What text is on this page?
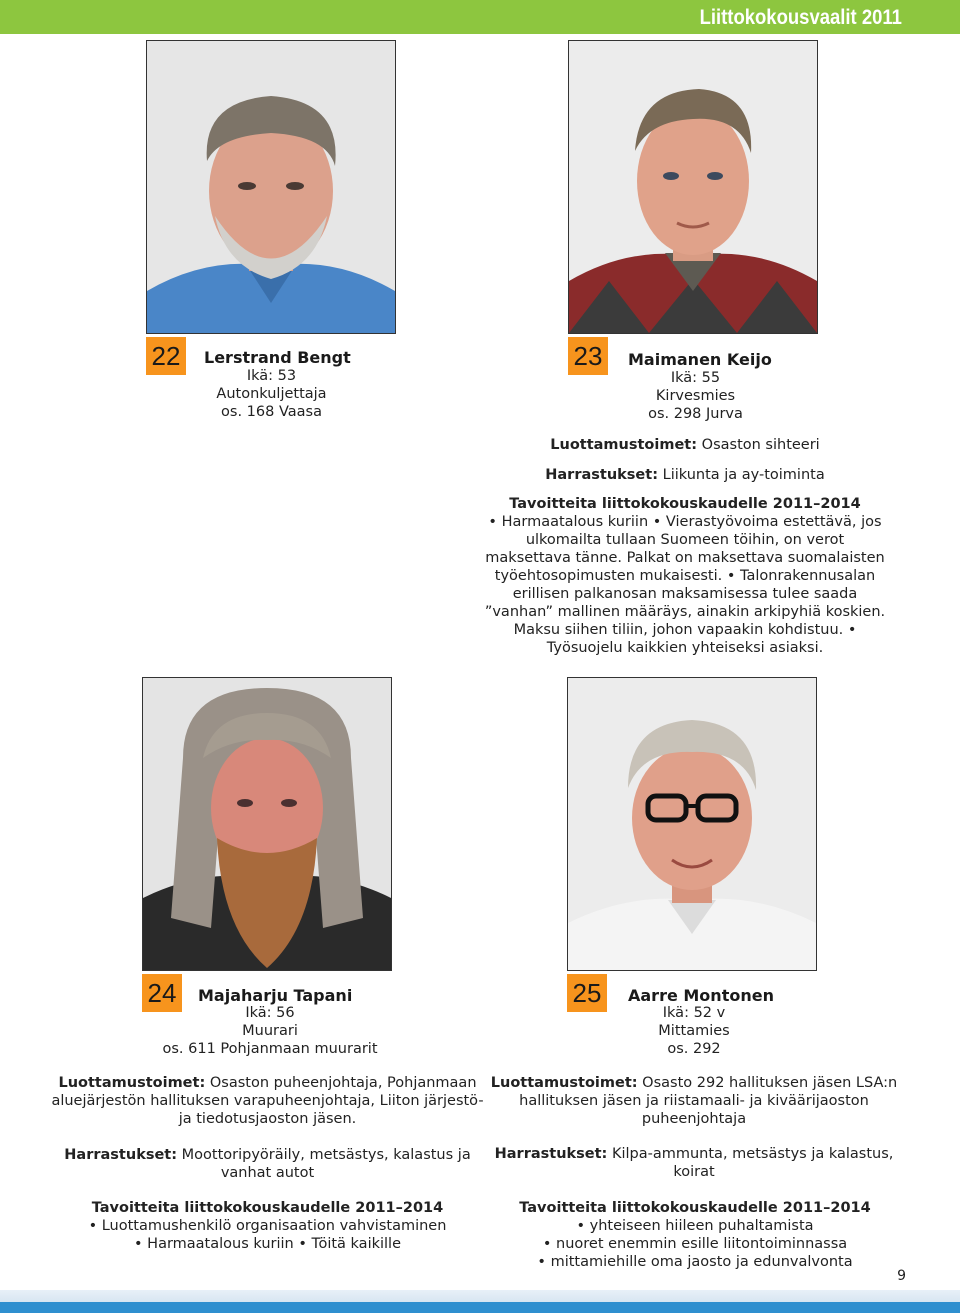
Liittokokousvaalit 2011
22	Lerstrand Bengt
Ikä: 53
Autonkuljettaja
os. 168 Vaasa
23	Maimanen Keijo
Ikä: 55
Kirvesmies
os. 298 Jurva
Luottamustoimet: Osaston sihteeri
Harrastukset: Liikunta ja ay-toiminta
Tavoitteita liittokokouskaudelle 2011–2014
• Harmaatalous kuriin • Vierastyövoima estettävä, jos ulkomailta tullaan Suomeen töihin, on verot maksettava tänne. Palkat on maksettava suomalaisten työehtosopimusten mukaisesti. • Talonrakennusalan erillisen palkanosan maksamisessa tulee saada ”vanhan” mallinen määräys, ainakin arkipyhiä koskien. Maksu siihen tiliin, johon vapaakin kohdistuu. • Työsuojelu kaikkien yhteiseksi asiaksi.
24	Majaharju Tapani
Ikä: 56
Muurari
os. 611 Pohjanmaan muurarit
Luottamustoimet: Osaston puheenjohtaja, Pohjanmaan aluejärjestön hallituksen varapuheenjohtaja, Liiton järjestö- ja tiedotusjaoston jäsen.
Harrastukset: Moottoripyöräily, metsästys, kalastus ja vanhat autot
Tavoitteita liittokokouskaudelle 2011–2014
• Luottamushenkilö organisaation vahvistaminen
• Harmaatalous kuriin • Töitä kaikille
25	Aarre Montonen
Ikä: 52 v
Mittamies
os. 292
Luottamustoimet: Osasto 292 hallituksen jäsen LSA:n hallituksen jäsen ja riistamaali- ja kiväärijaoston puheenjohtaja
Harrastukset: Kilpa-ammunta, metsästys ja kalastus, koirat
Tavoitteita liittokokouskaudelle 2011–2014
• yhteiseen hiileen puhaltamista
• nuoret enemmin esille liitontoiminnassa
• mittamiehille oma jaosto ja edunvalvonta
9
